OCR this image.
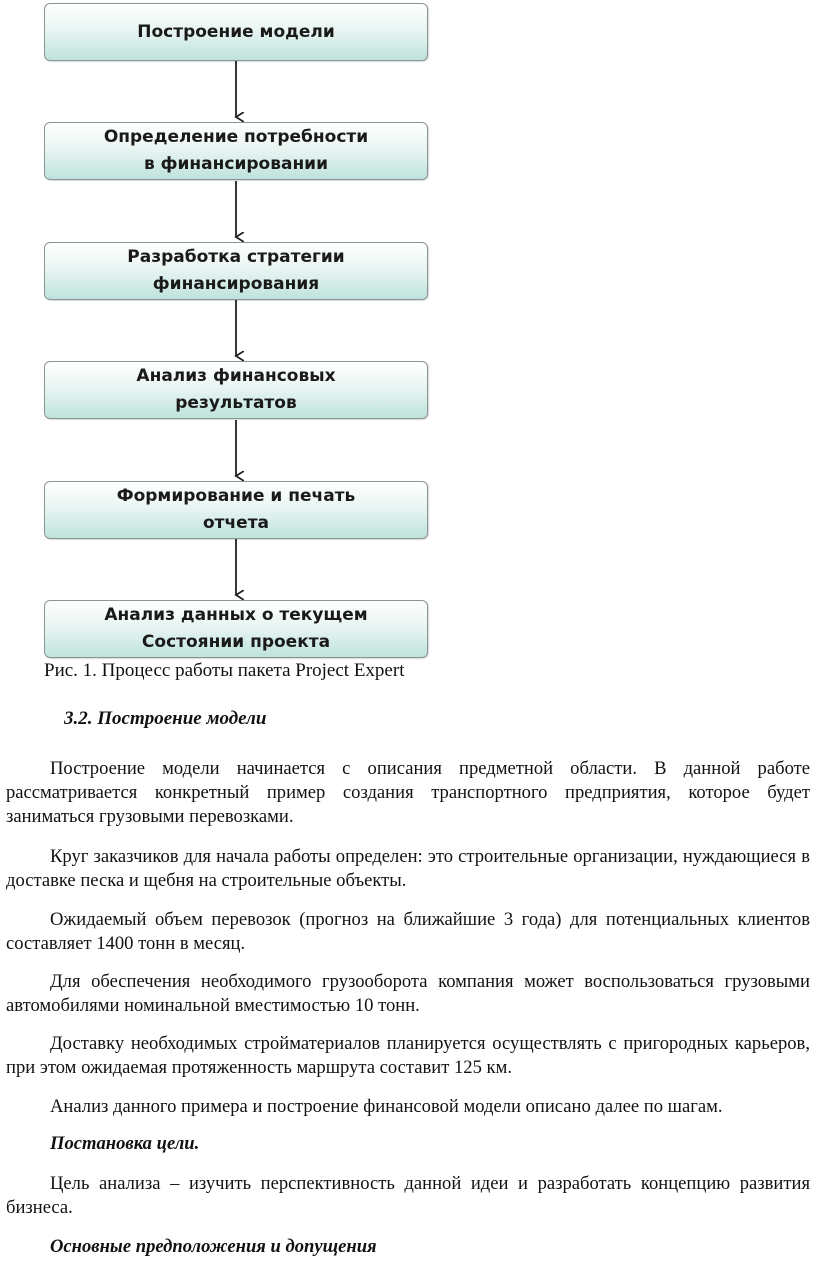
Построение модели
Определение потребности
в финансировании
Разработка стратегии
финансирования
Анализ финансовых
результатов
Формирование и печать
отчета
Анализ данных о текущем
Состоянии проекта
Рис. 1. Процесс работы пакета Project Expert
3.2. Построение модели

Построение модели начинается с описания предметной области. В данной работе рассматривается конкретный пример создания транспортного предприятия, которое будет заниматься грузовыми перевозками.

Круг заказчиков для начала работы определен: это строительные организации, нуждающиеся в доставке песка и щебня на строительные объекты.

Ожидаемый объем перевозок (прогноз на ближайшие 3 года) для потенциальных клиентов составляет 1400 тонн в месяц.

Для обеспечения необходимого грузооборота компания может воспользоваться грузовыми автомобилями номинальной вместимостью 10 тонн.

Доставку необходимых стройматериалов планируется осуществлять с пригородных карьеров, при этом ожидаемая протяженность маршрута составит 125 км.

Анализ данного примера и построение финансовой модели описано далее по шагам.

Постановка цели.

Цель анализа – изучить перспективность данной идеи и разработать концепцию развития бизнеса.

Основные предположения и допущения
